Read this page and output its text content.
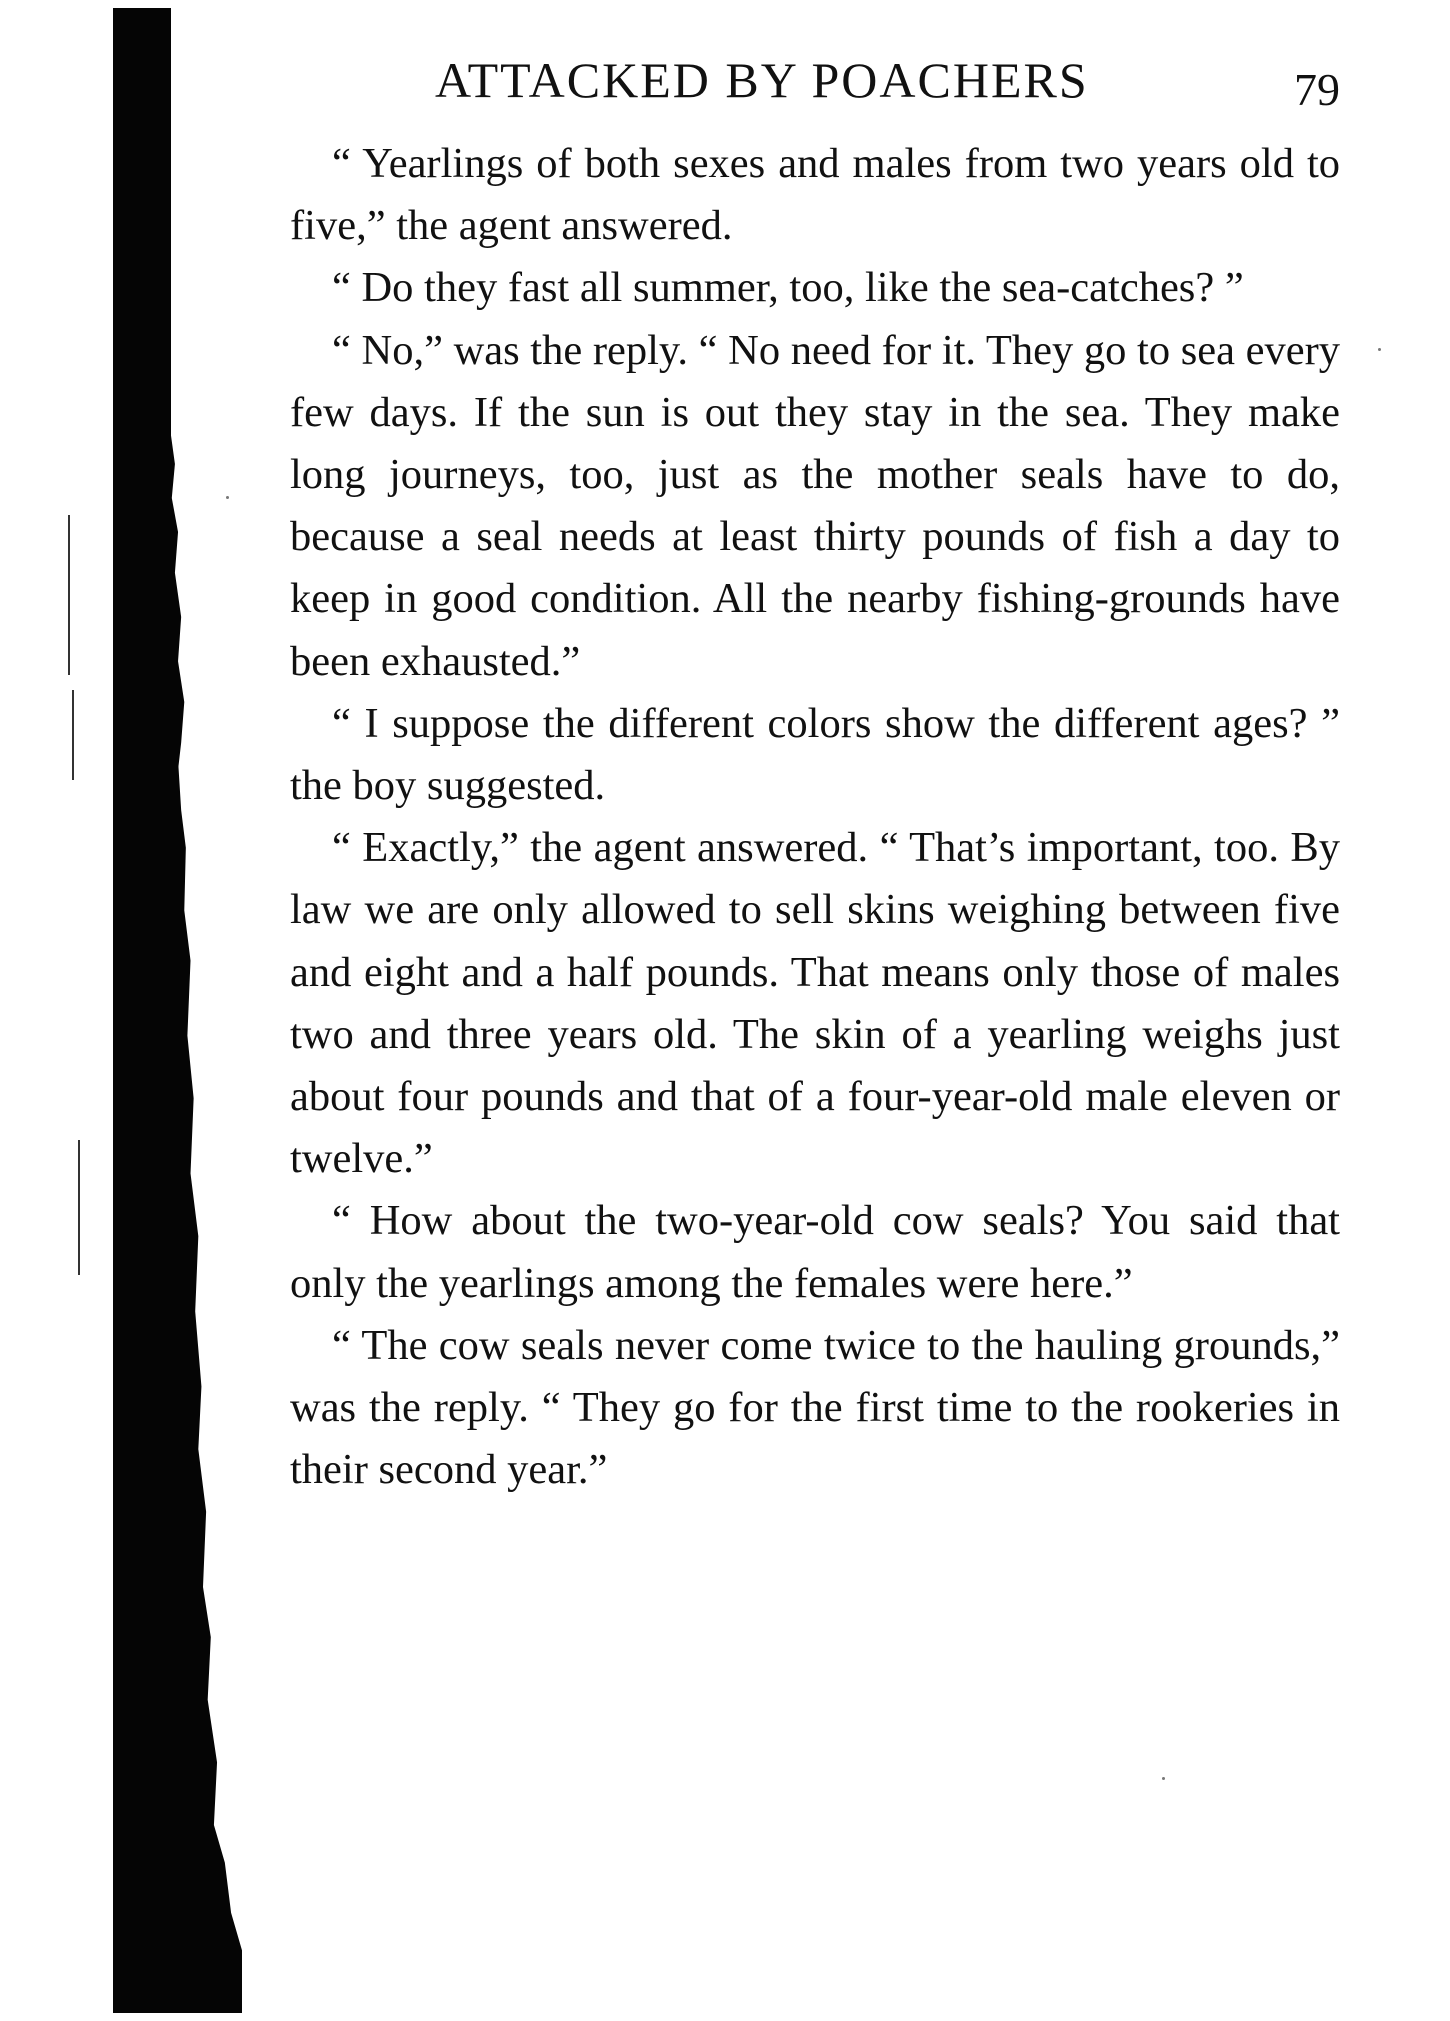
ATTACKED BY POACHERS	79

“ Yearlings of both sexes and males from two years old to five,” the agent answered.

“ Do they fast all summer, too, like the sea-catches? ”

“ No,” was the reply. “ No need for it. They go to sea every few days. If the sun is out they stay in the sea. They make long journeys, too, just as the mother seals have to do, because a seal needs at least thirty pounds of fish a day to keep in good condition. All the nearby fishing-grounds have been exhausted.”

“ I suppose the different colors show the different ages? ” the boy suggested.

“ Exactly,” the agent answered. “ That’s important, too. By law we are only allowed to sell skins weighing between five and eight and a half pounds. That means only those of males two and three years old. The skin of a yearling weighs just about four pounds and that of a four-year-old male eleven or twelve.”

“ How about the two-year-old cow seals? You said that only the yearlings among the females were here.”

“ The cow seals never come twice to the hauling grounds,” was the reply. “ They go for the first time to the rookeries in their second year.”
